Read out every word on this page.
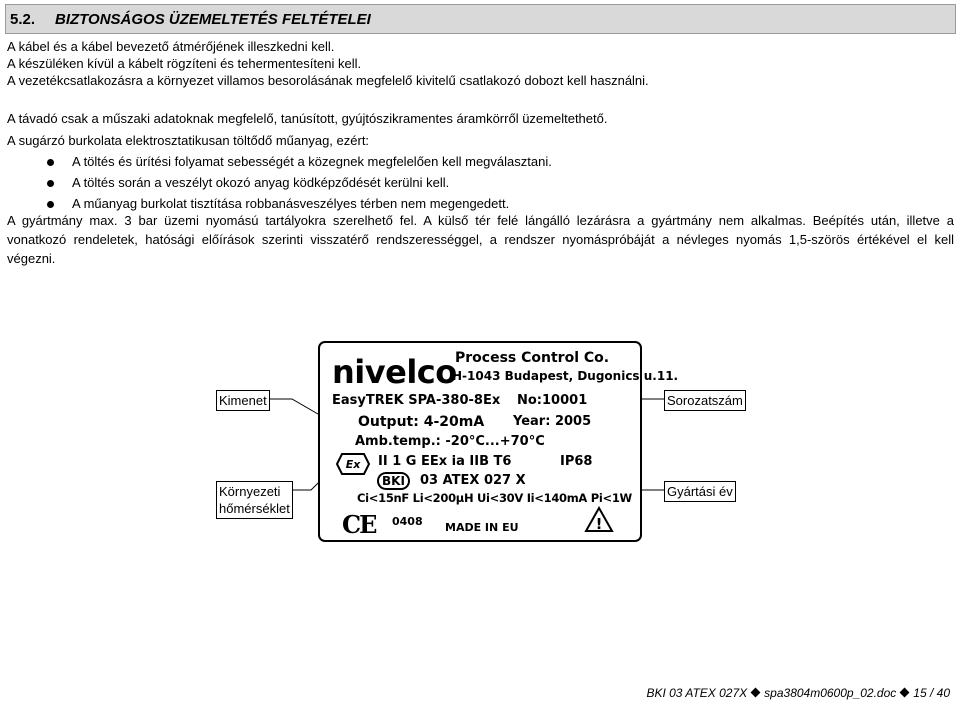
5.2. BIZTONSÁGOS ÜZEMELTETÉS FELTÉTELEI
A kábel és a kábel bevezető átmérőjének illeszkedni kell.
A készüléken kívül a kábelt rögzíteni és tehermentesíteni kell.
A vezetékcsatlakozásra a környezet villamos besorolásának megfelelő kivitelű csatlakozó dobozt kell használni.
A távadó csak a műszaki adatoknak megfelelő, tanúsított, gyújtószikramentes áramkörről üzemeltethető.
A sugárzó burkolata elektrosztatikusan töltődő műanyag, ezért:
A töltés és ürítési folyamat sebességét a közegnek megfelelően kell megválasztani.
A töltés során a veszélyt okozó anyag ködképződését kerülni kell.
A műanyag burkolat tisztítása robbanásveszélyes térben nem megengedett.
A gyártmány max. 3 bar üzemi nyomású tartályokra szerelhető fel. A külső tér felé lángálló lezárásra a gyártmány nem alkalmas. Beépítés után, illetve a
vonatkozó rendeletek, hatósági előírások szerinti visszatérő rendszerességgel, a rendszer nyomáspróbáját a névleges nyomás 1,5-szörös értékével el kell
végezni.
Kimenet
Környezeti
hőmérséklet
Sorozatszám
Gyártási év
nivelco
Process Control Co.
H-1043 Budapest, Dugonics u.11.
EasyTREK SPA-380-8Ex No:10001
Output: 4-20mA Year: 2005
Amb.temp.: -20°C...+70°C
Ex II 1 G EEx ia IIB T6	IP68
BKI	03 ATEX 027 X
Ci<15nF Li<200μH Ui<30V Ii<140mA Pi<1W
CE 0408 MADE IN EU	!
BKI 03 ATEX 027X spa3804m0600p_02.doc 15 / 40
